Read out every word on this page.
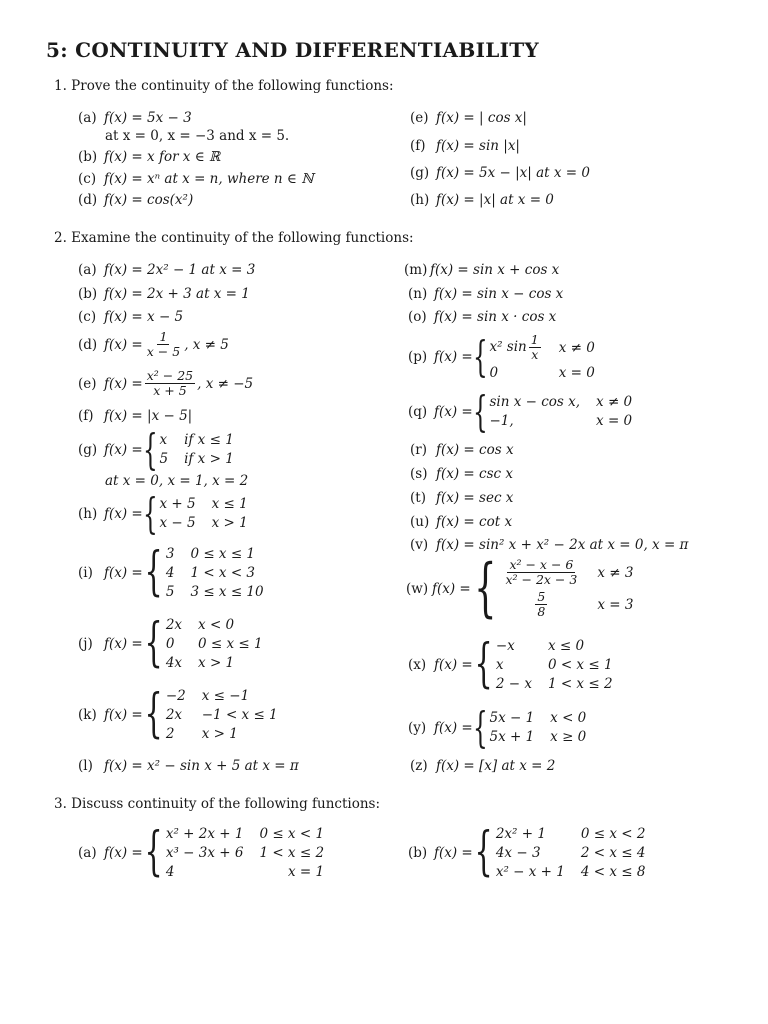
5: CONTINUITY AND DIFFERENTIABILITY
1. Prove the continuity of the following functions:
(a) f(x) = 5x − 3
at x = 0, x = −3 and x = 5.
(b) f(x) = x for x ∈ ℝ
(c) f(x) = xⁿ at x = n, where n ∈ ℕ
(d) f(x) = cos(x²)
(e) f(x) = | cos x|
(f) f(x) = sin |x|
(g) f(x) = 5x − |x| at x = 0
(h) f(x) = |x| at x = 0
2. Examine the continuity of the following functions:
(a) f(x) = 2x² − 1 at x = 3
(b) f(x) = 2x + 3 at x = 1
(c) f(x) = x − 5
(d) $f(x) = \frac{1}{x - 5}$ , x ≠ 5
(e) $f(x) = \frac{\text{x² − 25}}{x + 5}$ , x ≠ −5
(f) f(x) = |x − 5|
(g) f(x) = { x if x ≤ 1
5 if x > 1
at x = 0, x = 1, x = 2
(h) f(x) = { x + 5 x ≤ 1
x − 5 x > 1
(i) f(x) = { 3 0 ≤ x ≤ 1
4 1 < x < 3
5 3 ≤ x ≤ 10
(j) f(x) = { 2x x < 0
0	0 ≤ x ≤ 1
4x x > 1
(k) f(x) = { −2 x ≤ −1
2x −1 < x ≤ 1
2	x > 1
(l) f(x) = x² − sin x + 5 at x = π
(m) f(x) = sin x + cos x
(n) f(x) = sin x − cos x
(o) f(x) = sin x · cos x
(p) f(x) = { x² $\sin \frac{1}{x}$ x ≠ 0
0	x = 0
(q) f(x) = { sin x − cos x, x ≠ 0
−1,	x = 0
(r) f(x) = cos x
(s) f(x) = csc x
(t) f(x) = sec x
(u) f(x) = cot x
(v) f(x) = sin² x + x² − 2x at x = 0, x = π
(w) f(x) = { $\frac{\text{x² − x − 6}}{\text{x² − 2x − 3}}$ x ≠ 3
$\frac{5}{8}$ x = 3
(x) f(x) = { −x	x ≤ 0
x	0 < x ≤ 1
2 − x 1 < x ≤ 2
(y) f(x) = { 5x − 1 x < 0
5x + 1 x ≥ 0
(z) f(x) = [x] at x = 2
3. Discuss continuity of the following functions:
(a) f(x) = { x² + 2x + 1 0 ≤ x < 1
x³ − 3x + 6 1 < x ≤ 2
4	x = 1
(b) f(x) = { 2x² + 1	0 ≤ x < 2
4x − 3	2 < x ≤ 4
x² − x + 1 4 < x ≤ 8
